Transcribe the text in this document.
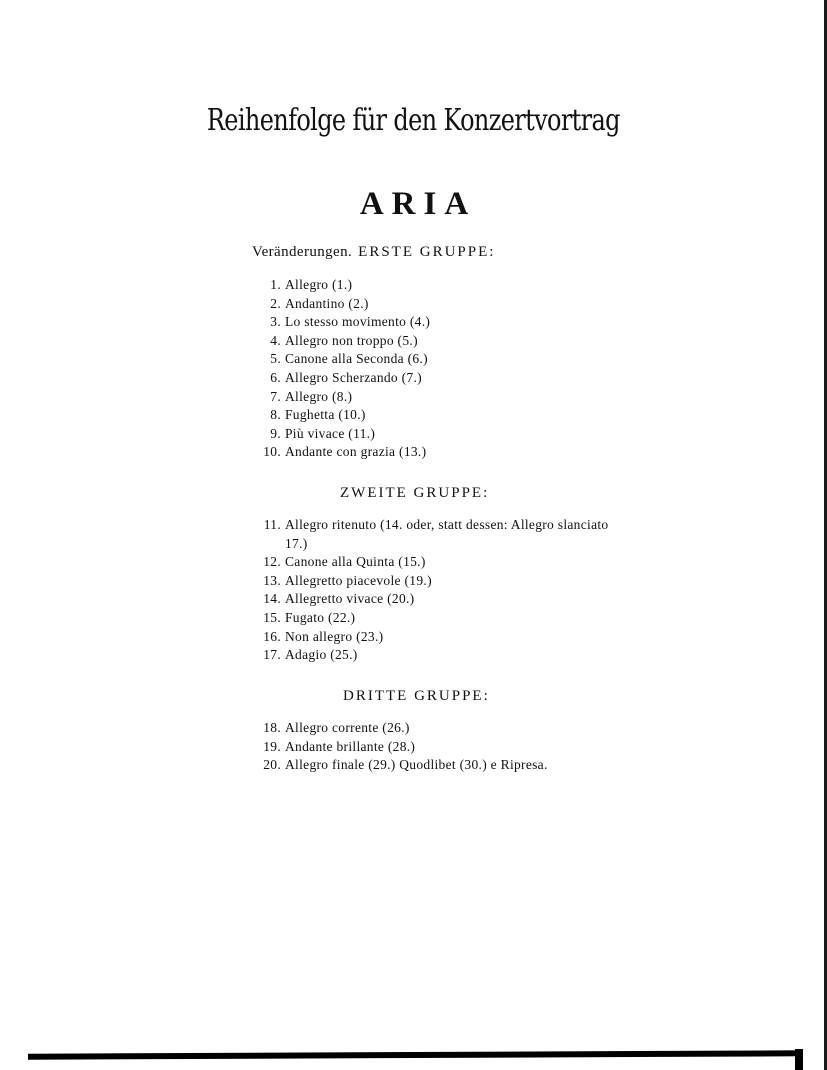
Reihenfolge für den Konzertvortrag
ARIA
Veränderungen. ERSTE GRUPPE:
1. Allegro (1.)
2. Andantino (2.)
3. Lo stesso movimento (4.)
4. Allegro non troppo (5.)
5. Canone alla Seconda (6.)
6. Allegro Scherzando (7.)
7. Allegro (8.)
8. Fughetta (10.)
9. Più vivace (11.)
10. Andante con grazia (13.)
ZWEITE GRUPPE:
11. Allegro ritenuto (14. oder, statt dessen: Allegro slanciato 17.)
12. Canone alla Quinta (15.)
13. Allegretto piacevole (19.)
14. Allegretto vivace (20.)
15. Fugato (22.)
16. Non allegro (23.)
17. Adagio (25.)
DRITTE GRUPPE:
18. Allegro corrente (26.)
19. Andante brillante (28.)
20. Allegro finale (29.) Quodlibet (30.) e Ripresa.
